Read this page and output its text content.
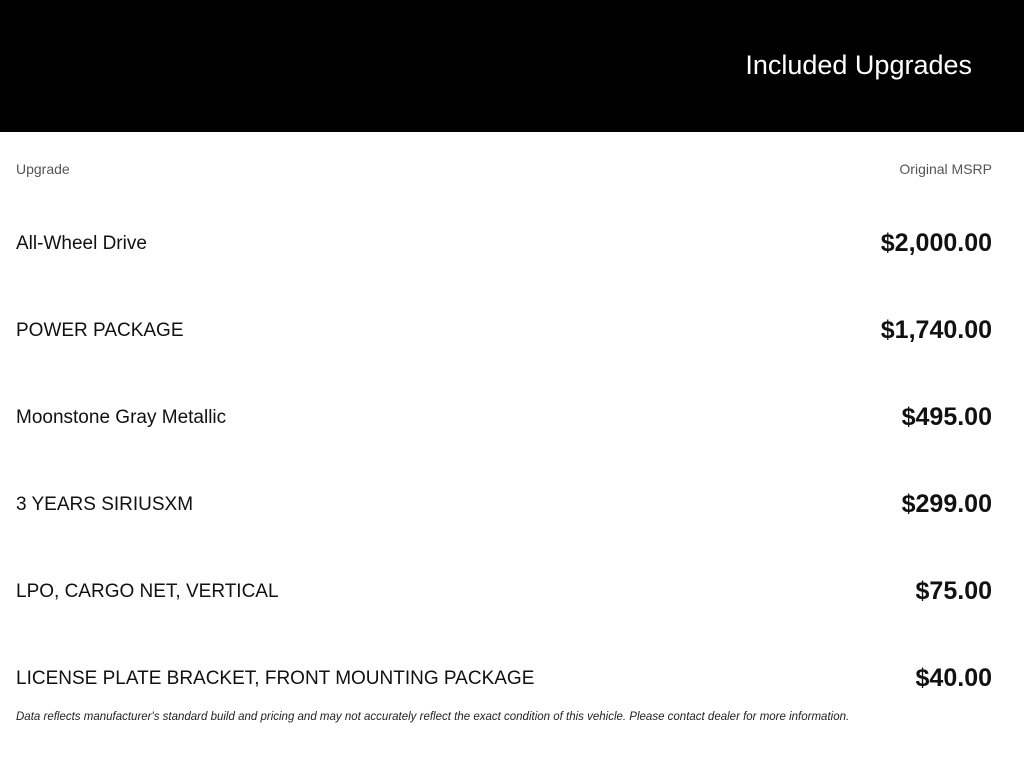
Included Upgrades
Upgrade	Original MSRP
All-Wheel Drive	$2,000.00
POWER PACKAGE	$1,740.00
Moonstone Gray Metallic	$495.00
3 YEARS SIRIUSXM	$299.00
LPO, CARGO NET, VERTICAL	$75.00
LICENSE PLATE BRACKET, FRONT MOUNTING PACKAGE	$40.00
Data reflects manufacturer's standard build and pricing and may not accurately reflect the exact condition of this vehicle. Please contact dealer for more information.
